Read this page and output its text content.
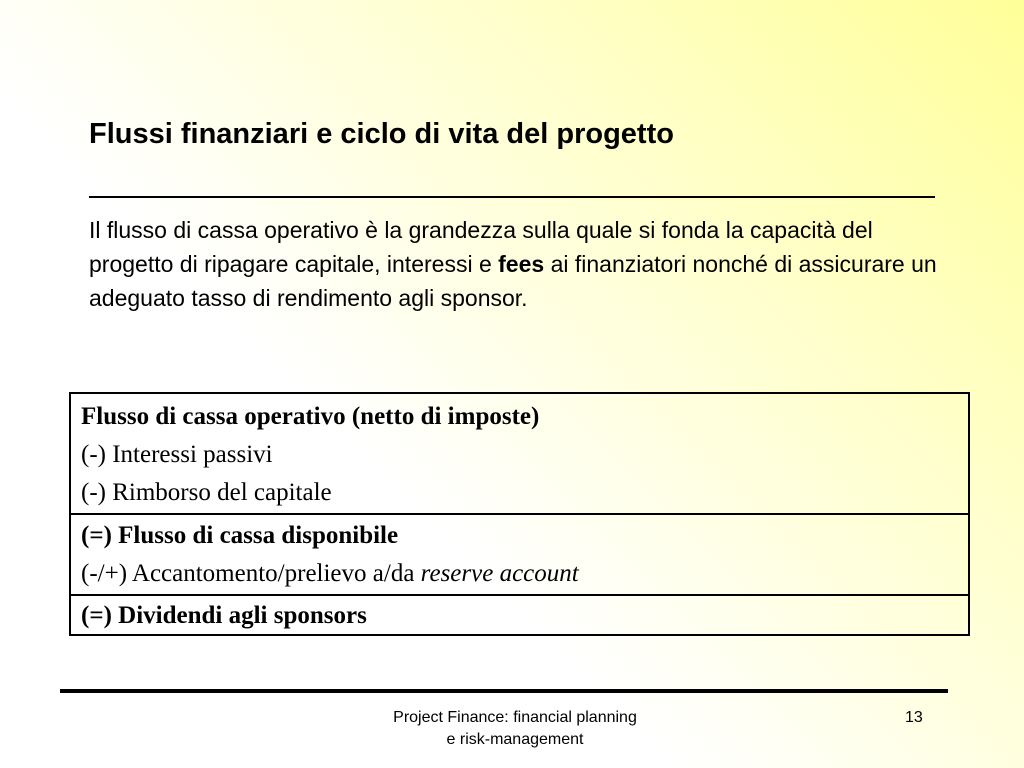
Flussi finanziari e ciclo di vita del progetto
Il flusso di cassa operativo è la grandezza sulla quale si fonda la capacità del progetto di ripagare capitale, interessi e fees ai finanziatori nonché di assicurare un adeguato tasso di rendimento agli sponsor.
Flusso di cassa operativo (netto di imposte)
(-) Interessi passivi
(-) Rimborso del capitale
(=) Flusso di cassa disponibile
(-/+) Accantomento/prelievo a/da reserve account
(=) Dividendi agli sponsors
Project Finance: financial planning
e risk-management
13
